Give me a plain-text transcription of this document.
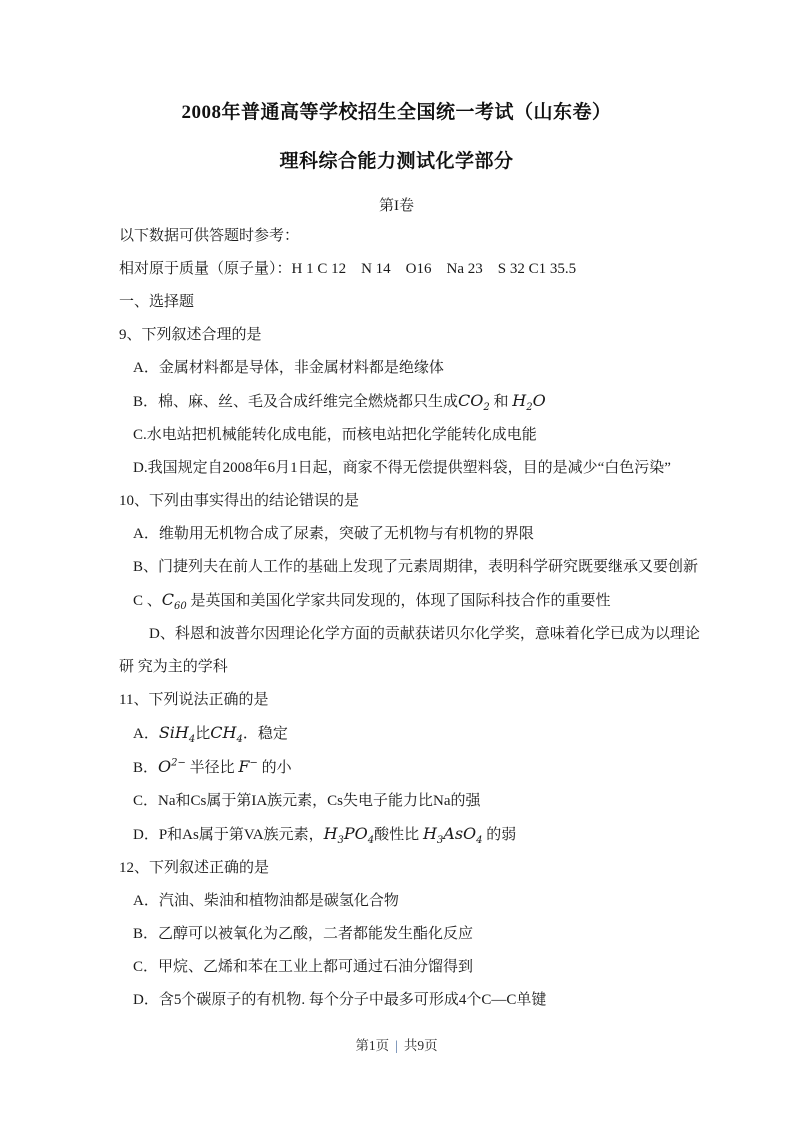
2008年普通高等学校招生全国统一考试（山东卷）
理科综合能力测试化学部分
第I卷

以下数据可供答题时参考：

相对原于质量（原子量）：H 1 C 12　N 14　O16　Na 23　S 32 C1 35.5

一、选择题

9、下列叙述合理的是

A．金属材料都是导体，非金属材料都是绝缘体

B．棉、麻、丝、毛及合成纤维完全燃烧都只生成$CO_2$ 和 $H_2O$

C.水电站把机械能转化成电能，而核电站把化学能转化成电能

D.我国规定自2008年6月1日起，商家不得无偿提供塑料袋，目的是减少“白色污染”

10、下列由事实得出的结论错误的是

A．维勒用无机物合成了尿素，突破了无机物与有机物的界限

B、门捷列夫在前人工作的基础上发现了元素周期律，表明科学研究既要继承又要创新

C 、$C_{60}$ 是英国和美国化学家共同发现的，体现了国际科技合作的重要性

D、科恩和波普尔因理论化学方面的贡献获诺贝尔化学奖，意味着化学已成为以理论

研 究为主的学科

11、下列说法正确的是

A．SiH$_4$比$CH_4$．稳定

B．$O^{2-}$ 半径比 F− 的小

C．Na和Cs属于第IA族元素，Cs失电子能力比Na的强

D．P和As属于第VA族元素，$H_3PO_4$酸性比 $H_3AsO_4$ 的弱

12、下列叙述正确的是

A．汽油、柴油和植物油都是碳氢化合物

B．乙醇可以被氧化为乙酸，二者都能发生酯化反应

C．甲烷、乙烯和苯在工业上都可通过石油分馏得到

D．含5个碳原子的有机物. 每个分子中最多可形成4个C—C单键

第1页 | 共9页
